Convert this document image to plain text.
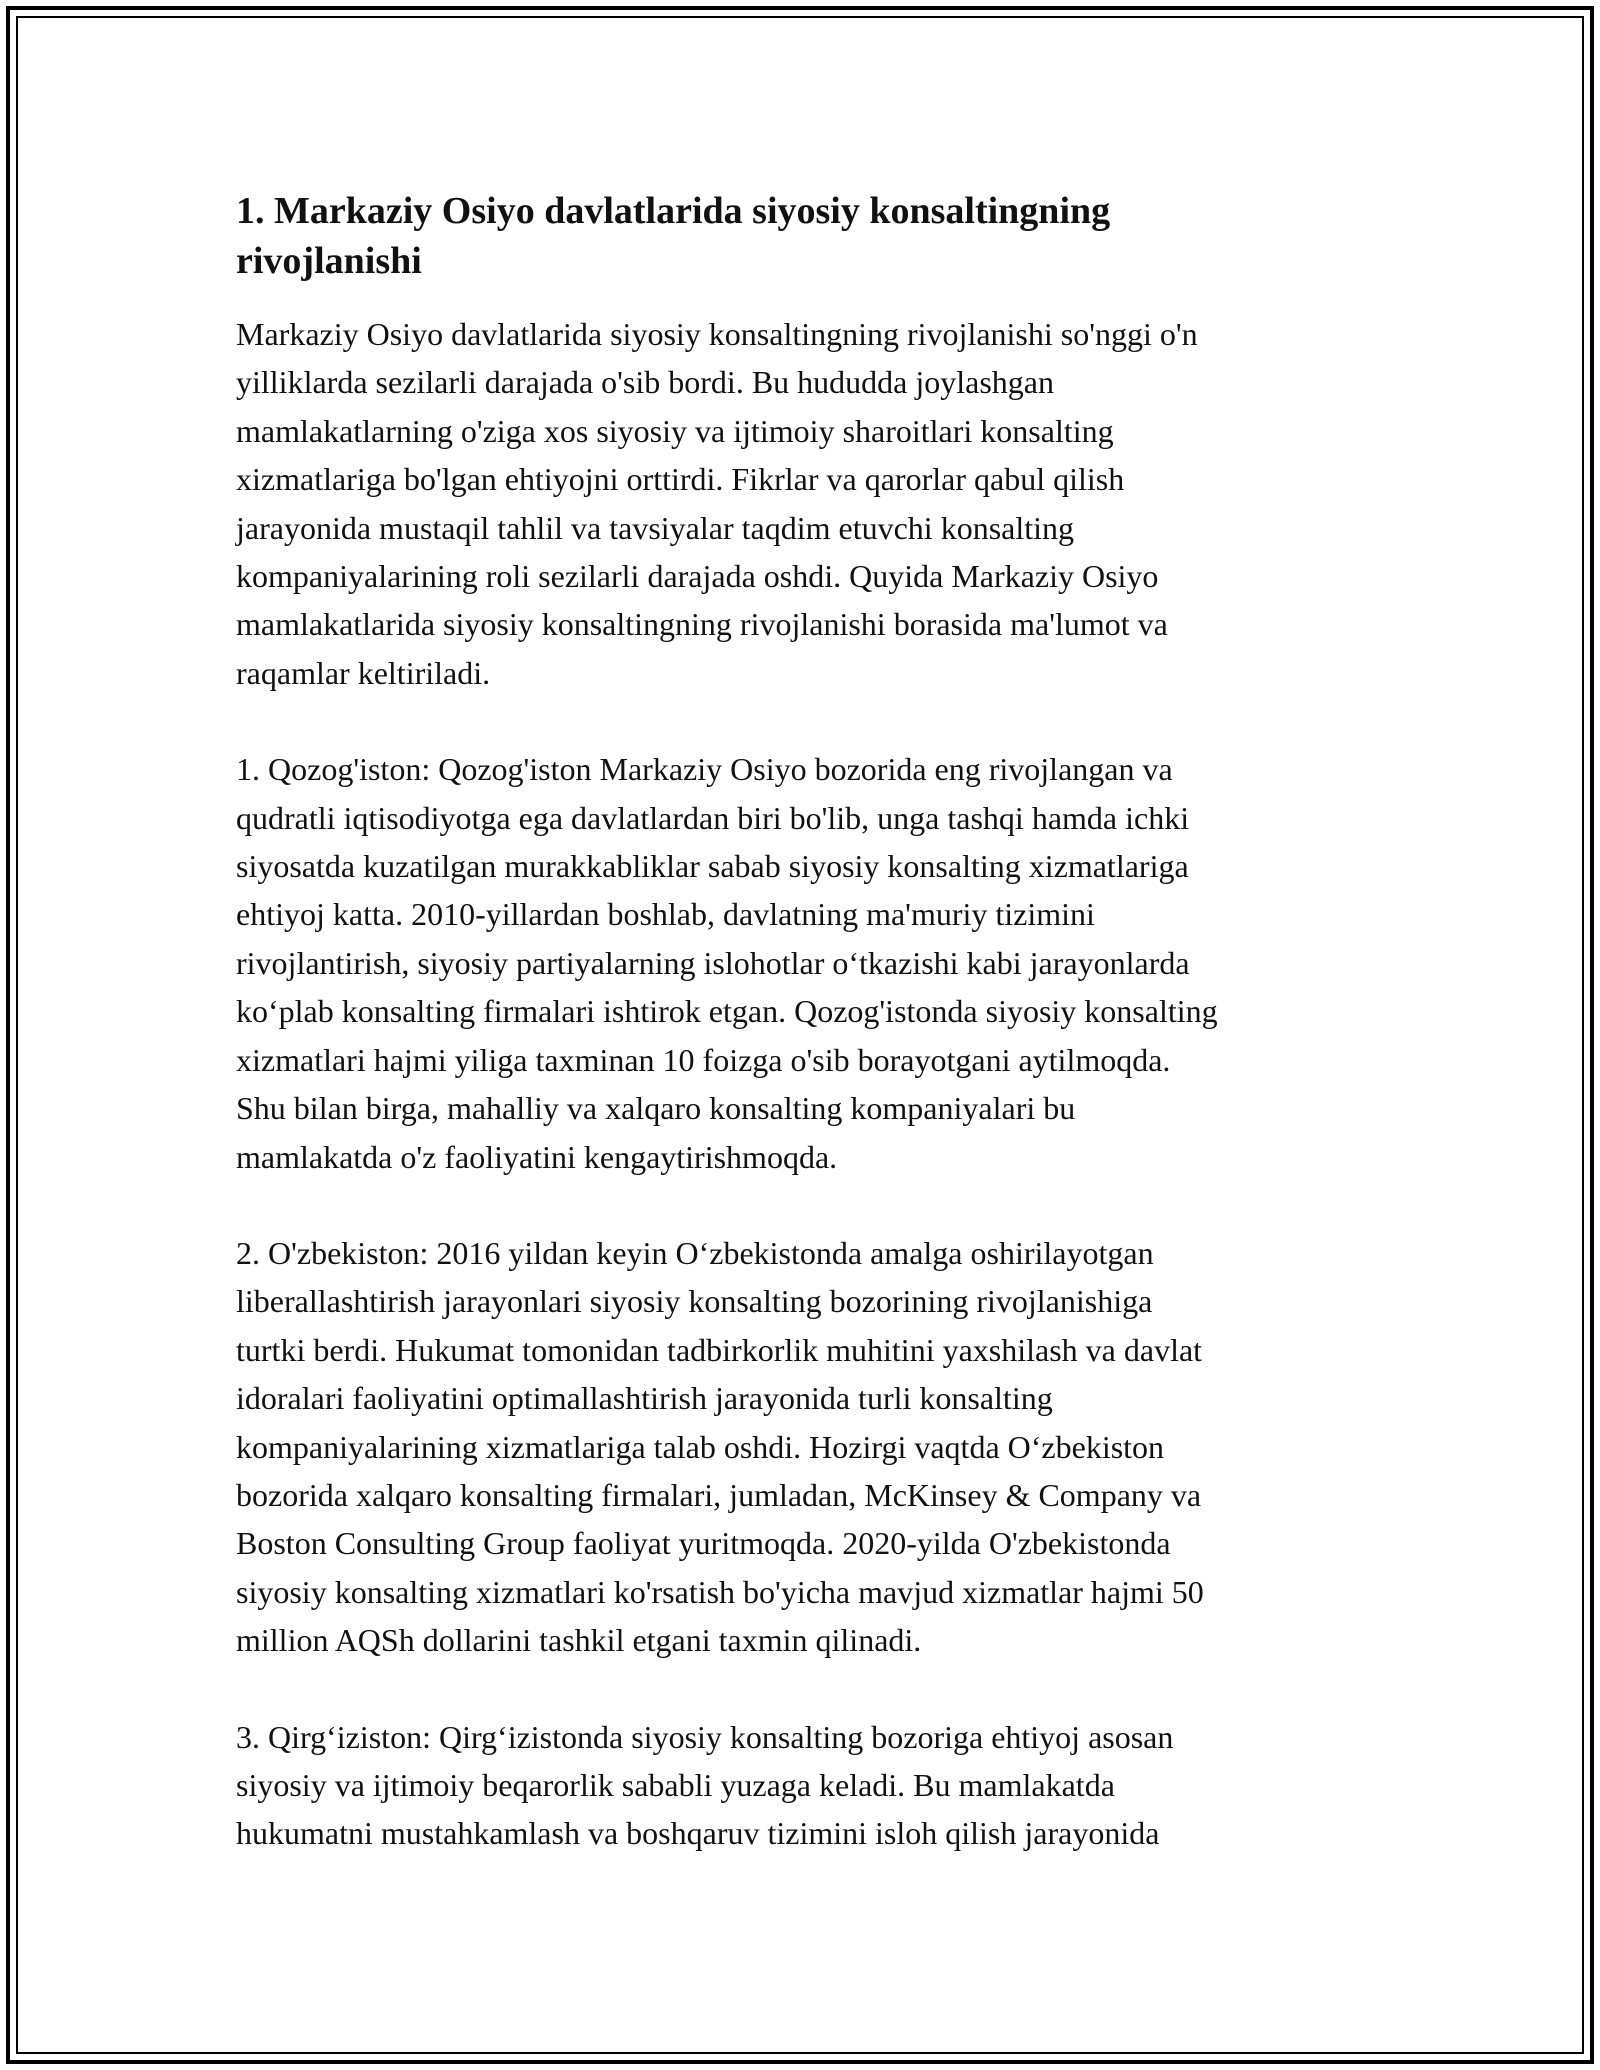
1. Markaziy Osiyo davlatlarida siyosiy konsaltingning
rivojlanishi

Markaziy Osiyo davlatlarida siyosiy konsaltingning rivojlanishi so'nggi o'n
yilliklarda sezilarli darajada o'sib bordi. Bu hududda joylashgan
mamlakatlarning o'ziga xos siyosiy va ijtimoiy sharoitlari konsalting
xizmatlariga bo'lgan ehtiyojni orttirdi. Fikrlar va qarorlar qabul qilish
jarayonida mustaqil tahlil va tavsiyalar taqdim etuvchi konsalting
kompaniyalarining roli sezilarli darajada oshdi. Quyida Markaziy Osiyo
mamlakatlarida siyosiy konsaltingning rivojlanishi borasida ma'lumot va
raqamlar keltiriladi.

1. Qozog'iston: Qozog'iston Markaziy Osiyo bozorida eng rivojlangan va
qudratli iqtisodiyotga ega davlatlardan biri bo'lib, unga tashqi hamda ichki
siyosatda kuzatilgan murakkabliklar sabab siyosiy konsalting xizmatlariga
ehtiyoj katta. 2010-yillardan boshlab, davlatning ma'muriy tizimini
rivojlantirish, siyosiy partiyalarning islohotlar o‘tkazishi kabi jarayonlarda
ko‘plab konsalting firmalari ishtirok etgan. Qozog'istonda siyosiy konsalting
xizmatlari hajmi yiliga taxminan 10 foizga o'sib borayotgani aytilmoqda.
Shu bilan birga, mahalliy va xalqaro konsalting kompaniyalari bu
mamlakatda o'z faoliyatini kengaytirishmoqda.

2. O'zbekiston: 2016 yildan keyin O‘zbekistonda amalga oshirilayotgan
liberallashtirish jarayonlari siyosiy konsalting bozorining rivojlanishiga
turtki berdi. Hukumat tomonidan tadbirkorlik muhitini yaxshilash va davlat
idoralari faoliyatini optimallashtirish jarayonida turli konsalting
kompaniyalarining xizmatlariga talab oshdi. Hozirgi vaqtda O‘zbekiston
bozorida xalqaro konsalting firmalari, jumladan, McKinsey & Company va
Boston Consulting Group faoliyat yuritmoqda. 2020-yilda O'zbekistonda
siyosiy konsalting xizmatlari ko'rsatish bo'yicha mavjud xizmatlar hajmi 50
million AQSh dollarini tashkil etgani taxmin qilinadi.

3. Qirg‘iziston: Qirg‘izistonda siyosiy konsalting bozoriga ehtiyoj asosan
siyosiy va ijtimoiy beqarorlik sababli yuzaga keladi. Bu mamlakatda
hukumatni mustahkamlash va boshqaruv tizimini isloh qilish jarayonida
